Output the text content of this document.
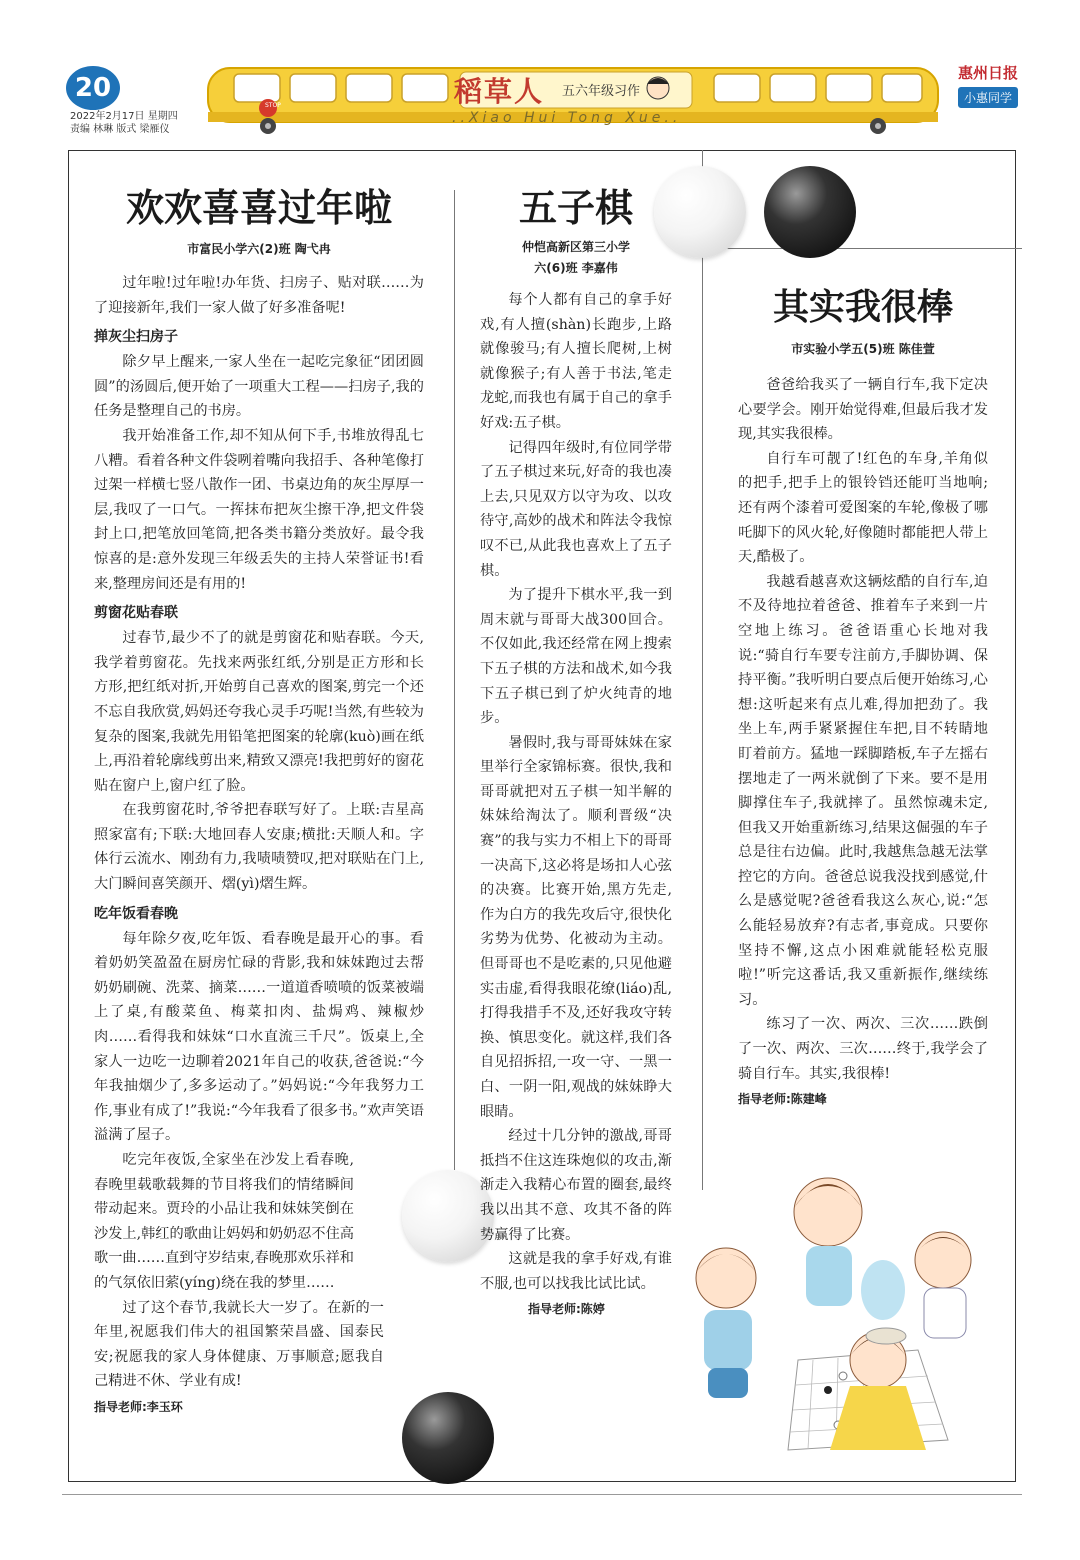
20
2022年2月17日 星期四
责编 林琳 版式 梁雁仪
STOP	稻草人 五六年级习作
..Xiao Hui Tong Xue..
惠州日报
小惠同学
欢欢喜喜过年啦
市富民小学六(2)班 陶弋冉

过年啦!过年啦!办年货、扫房子、贴对联……为了迎接新年,我们一家人做了好多准备呢!

掸灰尘扫房子

除夕早上醒来,一家人坐在一起吃完象征“团团圆圆”的汤圆后,便开始了一项重大工程——扫房子,我的任务是整理自己的书房。

我开始准备工作,却不知从何下手,书堆放得乱七八糟。看着各种文件袋咧着嘴向我招手、各种笔像打过架一样横七竖八散作一团、书桌边角的灰尘厚厚一层,我叹了一口气。一挥抹布把灰尘擦干净,把文件袋封上口,把笔放回笔筒,把各类书籍分类放好。最令我惊喜的是:意外发现三年级丢失的主持人荣誉证书!看来,整理房间还是有用的!

剪窗花贴春联

过春节,最少不了的就是剪窗花和贴春联。今天,我学着剪窗花。先找来两张红纸,分别是正方形和长方形,把红纸对折,开始剪自己喜欢的图案,剪完一个还不忘自我欣赏,妈妈还夸我心灵手巧呢!当然,有些较为复杂的图案,我就先用铅笔把图案的轮廓(kuò)画在纸上,再沿着轮廓线剪出来,精致又漂亮!我把剪好的窗花贴在窗户上,窗户红了脸。

在我剪窗花时,爷爷把春联写好了。上联:吉星高照家富有;下联:大地回春人安康;横批:天顺人和。字体行云流水、刚劲有力,我啧啧赞叹,把对联贴在门上,大门瞬间喜笑颜开、熠(yì)熠生辉。

吃年饭看春晚

每年除夕夜,吃年饭、看春晚是最开心的事。看着奶奶笑盈盈在厨房忙碌的背影,我和妹妹跑过去帮奶奶刷碗、洗菜、摘菜……一道道香喷喷的饭菜被端上了桌,有酸菜鱼、梅菜扣肉、盐焗鸡、辣椒炒肉……看得我和妹妹“口水直流三千尺”。饭桌上,全家人一边吃一边聊着2021年自己的收获,爸爸说:“今年我抽烟少了,多多运动了。”妈妈说:“今年我努力工作,事业有成了!”我说:“今年我看了很多书。”欢声笑语溢满了屋子。

吃完年夜饭,全家坐在沙发上看春晚,春晚里载歌载舞的节目将我们的情绪瞬间带动起来。贾玲的小品让我和妹妹笑倒在沙发上,韩红的歌曲让妈妈和奶奶忍不住高歌一曲……直到守岁结束,春晚那欢乐祥和的气氛依旧萦(yíng)绕在我的梦里……

过了这个春节,我就长大一岁了。在新的一年里,祝愿我们伟大的祖国繁荣昌盛、国泰民安;祝愿我的家人身体健康、万事顺意;愿我自己精进不休、学业有成!

指导老师:李玉环
五子棋
仲恺高新区第三小学
六(6)班 李嘉伟

每个人都有自己的拿手好戏,有人擅(shàn)长跑步,上路就像骏马;有人擅长爬树,上树就像猴子;有人善于书法,笔走龙蛇,而我也有属于自己的拿手好戏:五子棋。

记得四年级时,有位同学带了五子棋过来玩,好奇的我也凑上去,只见双方以守为攻、以攻待守,高妙的战术和阵法令我惊叹不已,从此我也喜欢上了五子棋。

为了提升下棋水平,我一到周末就与哥哥大战300回合。不仅如此,我还经常在网上搜索下五子棋的方法和战术,如今我下五子棋已到了炉火纯青的地步。

暑假时,我与哥哥妹妹在家里举行全家锦标赛。很快,我和哥哥就把对五子棋一知半解的妹妹给淘汰了。顺利晋级“决赛”的我与实力不相上下的哥哥一决高下,这必将是场扣人心弦的决赛。比赛开始,黑方先走,作为白方的我先攻后守,很快化劣势为优势、化被动为主动。但哥哥也不是吃素的,只见他避实击虚,看得我眼花缭(liáo)乱,打得我措手不及,还好我攻守转换、慎思变化。就这样,我们各自见招拆招,一攻一守、一黑一白、一阴一阳,观战的妹妹睁大眼睛。

经过十几分钟的激战,哥哥抵挡不住这连珠炮似的攻击,渐渐走入我精心布置的圈套,最终我以出其不意、攻其不备的阵势赢得了比赛。

这就是我的拿手好戏,有谁不服,也可以找我比试比试。

指导老师:陈婷
其实我很棒
市实验小学五(5)班 陈佳萱

爸爸给我买了一辆自行车,我下定决心要学会。刚开始觉得难,但最后我才发现,其实我很棒。

自行车可靓了!红色的车身,羊角似的把手,把手上的银铃铛还能叮当地响;还有两个漆着可爱图案的车轮,像极了哪吒脚下的风火轮,好像随时都能把人带上天,酷极了。

我越看越喜欢这辆炫酷的自行车,迫不及待地拉着爸爸、推着车子来到一片空地上练习。爸爸语重心长地对我说:“骑自行车要专注前方,手脚协调、保持平衡。”我听明白要点后便开始练习,心想:这听起来有点儿难,得加把劲了。我坐上车,两手紧紧握住车把,目不转睛地盯着前方。猛地一踩脚踏板,车子左摇右摆地走了一两米就倒了下来。要不是用脚撑住车子,我就摔了。虽然惊魂未定,但我又开始重新练习,结果这倔强的车子总是往右边偏。此时,我越焦急越无法掌控它的方向。爸爸总说我没找到感觉,什么是感觉呢?爸爸看我这么灰心,说:“怎么能轻易放弃?有志者,事竟成。只要你坚持不懈,这点小困难就能轻松克服啦!”听完这番话,我又重新振作,继续练习。

练习了一次、两次、三次……跌倒了一次、两次、三次……终于,我学会了骑自行车。其实,我很棒!

指导老师:陈建峰
